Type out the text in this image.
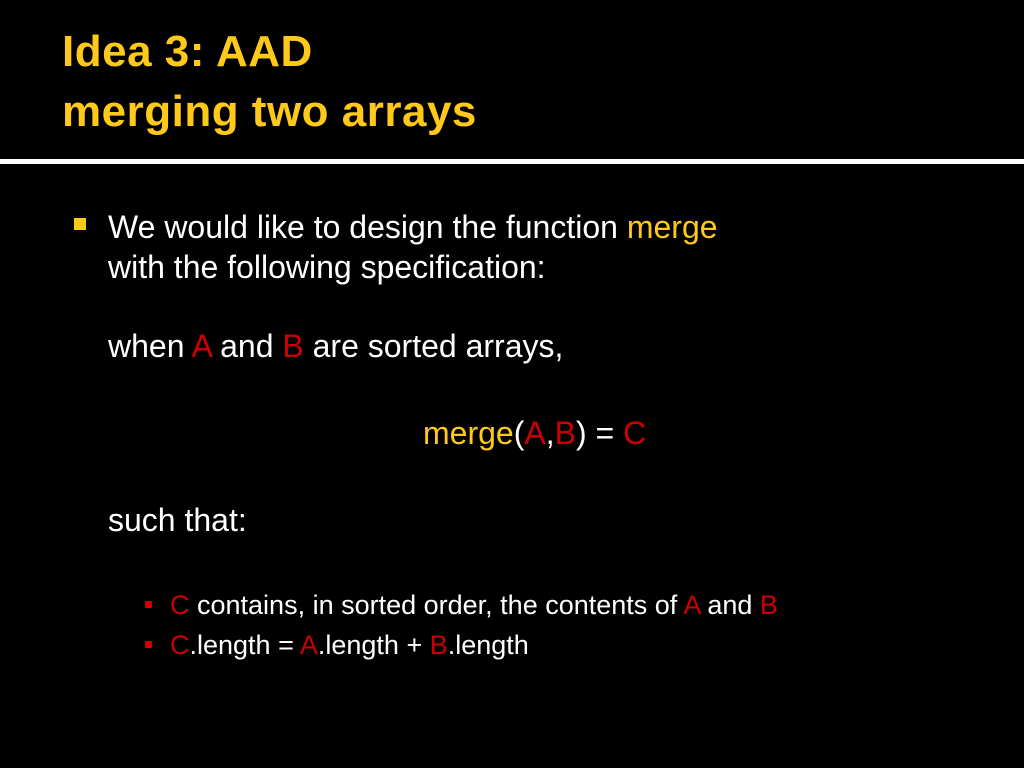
Idea 3: AAD
merging two arrays
We would like to design the function merge
with the following specification:
when A and B are sorted arrays,
merge(A,B) = C
such that:
C contains, in sorted order, the contents of A and B
C.length = A.length + B.length
